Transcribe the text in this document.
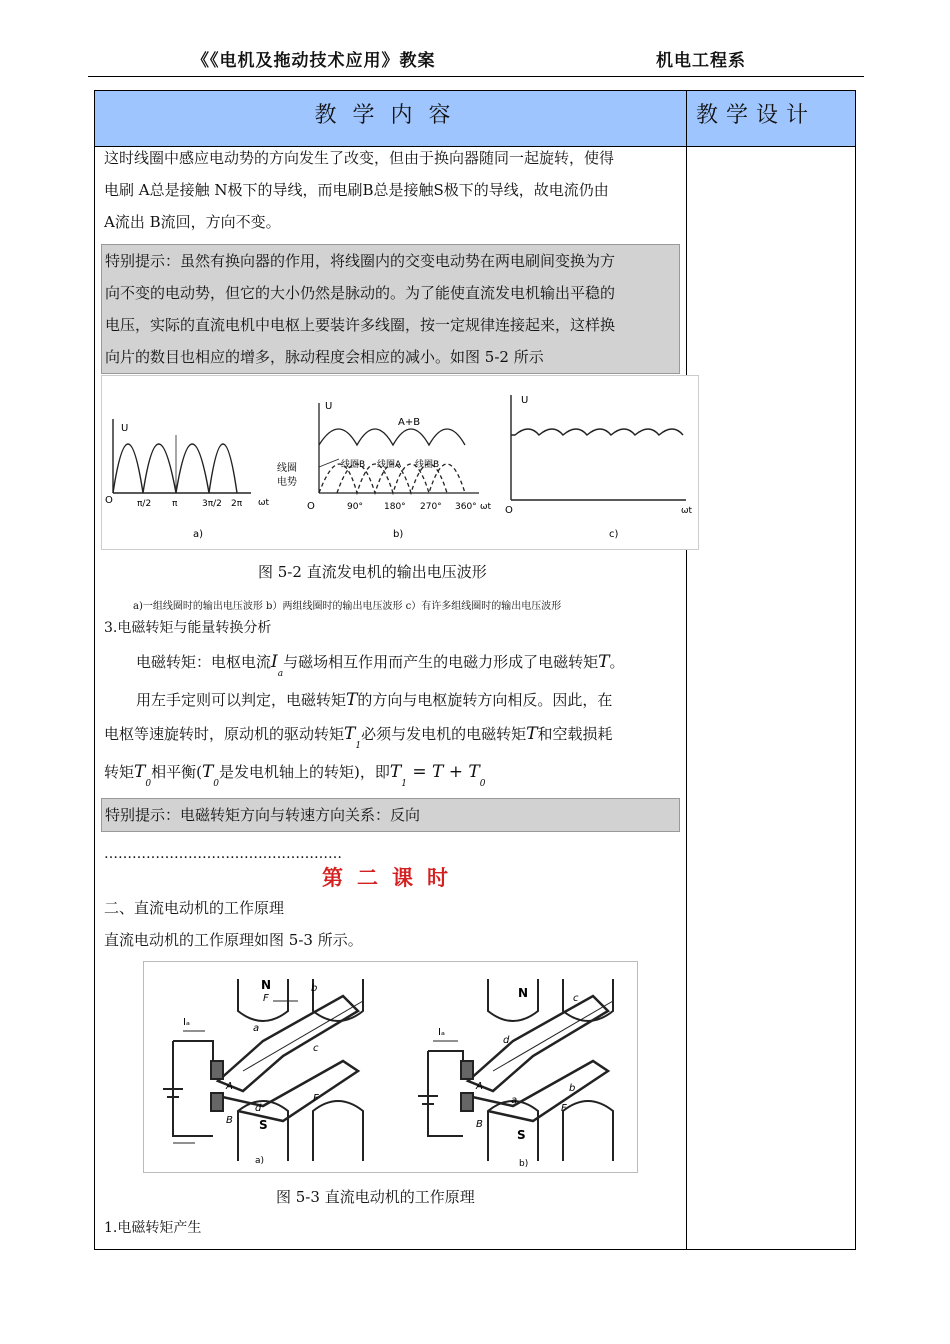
《《电机及拖动技术应用》教案	机电工程系
教学内容	教学设计

这时线圈中感应电动势的方向发生了改变，但由于换向器随同一起旋转，使得
电刷 A总是接触 N极下的导线，而电刷B总是接触S极下的导线，故电流仍由
A流出 B流回，方向不变。

特别提示：虽然有换向器的作用，将线圈内的交变电动势在两电刷间变换为方
向不变的电动势，但它的大小仍然是脉动的。为了能使直流发电机输出平稳的
电压，实际的直流电机中电枢上要装许多线圈，按一定规律连接起来，这样换
向片的数目也相应的增多，脉动程度会相应的减小。如图 5-2 所示
U
O	π/2 π	3π/2 2π ωt
a)
U
A+B
线圈
电势
线圈B 线圈A 线圈B
O	90° 180° 270° 360° ωt
b)
U
O	ωt
c)
图 5-2 直流发电机的输出电压波形
a)一组线圈时的输出电压波形 b）两组线圈时的输出电压波形 c）有许多组线圈时的输出电压波形
3.电磁转矩与能量转换分析
电磁转矩：电枢电流$I_a$与磁场相互作用而产生的电磁力形成了电磁转矩T。
用左手定则可以判定，电磁转矩T的方向与电枢旋转方向相反。因此，在
电枢等速旋转时，原动机的驱动转矩$T_1$必须与发电机的电磁转矩T和空载损耗
转矩$T_0$相平衡($T_0$是发电机轴上的转矩)，即$T_1 = T + T_0$
特别提示：电磁转矩方向与转速方向关系：反向
……………………………………………
第二课时
二、直流电动机的工作原理
直流电动机的工作原理如图 5-3 所示。
Iₐ
N
F
b
a
c
A
B
d
F
S
a)
Iₐ
N	c
d
A
B
a
F
b
S
b)
图 5-3 直流电动机的工作原理
1.电磁转矩产生
